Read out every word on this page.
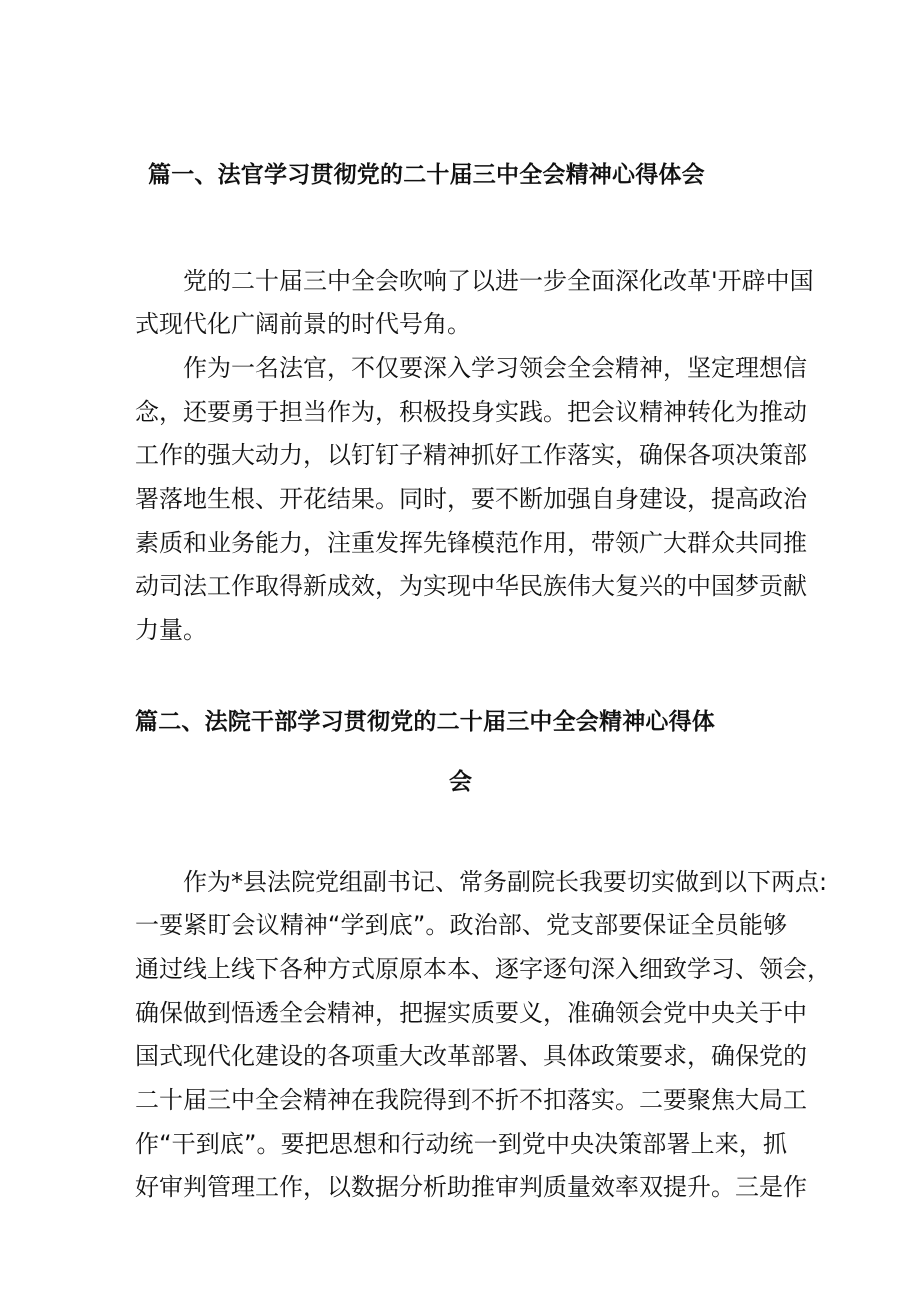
篇一、法官学习贯彻党的二十届三中全会精神心得体会
党的二十届三中全会吹响了以进一步全面深化改革'开辟中国
式现代化广阔前景的时代号角。
作为一名法官，不仅要深入学习领会全会精神，坚定理想信
念，还要勇于担当作为，积极投身实践。把会议精神转化为推动
工作的强大动力，以钉钉子精神抓好工作落实，确保各项决策部
署落地生根、开花结果。同时，要不断加强自身建设，提高政治
素质和业务能力，注重发挥先锋模范作用，带领广大群众共同推
动司法工作取得新成效，为实现中华民族伟大复兴的中国梦贡献
力量。
篇二、法院干部学习贯彻党的二十届三中全会精神心得体
会
作为*县法院党组副书记、常务副院长我要切实做到以下两点:
一要紧盯会议精神“学到底”。政治部、党支部要保证全员能够
通过线上线下各种方式原原本本、逐字逐句深入细致学习、领会，
确保做到悟透全会精神，把握实质要义，准确领会党中央关于中
国式现代化建设的各项重大改革部署、具体政策要求，确保党的
二十届三中全会精神在我院得到不折不扣落实。二要聚焦大局工
作“干到底”。要把思想和行动统一到党中央决策部署上来，抓
好审判管理工作，以数据分析助推审判质量效率双提升。三是作
